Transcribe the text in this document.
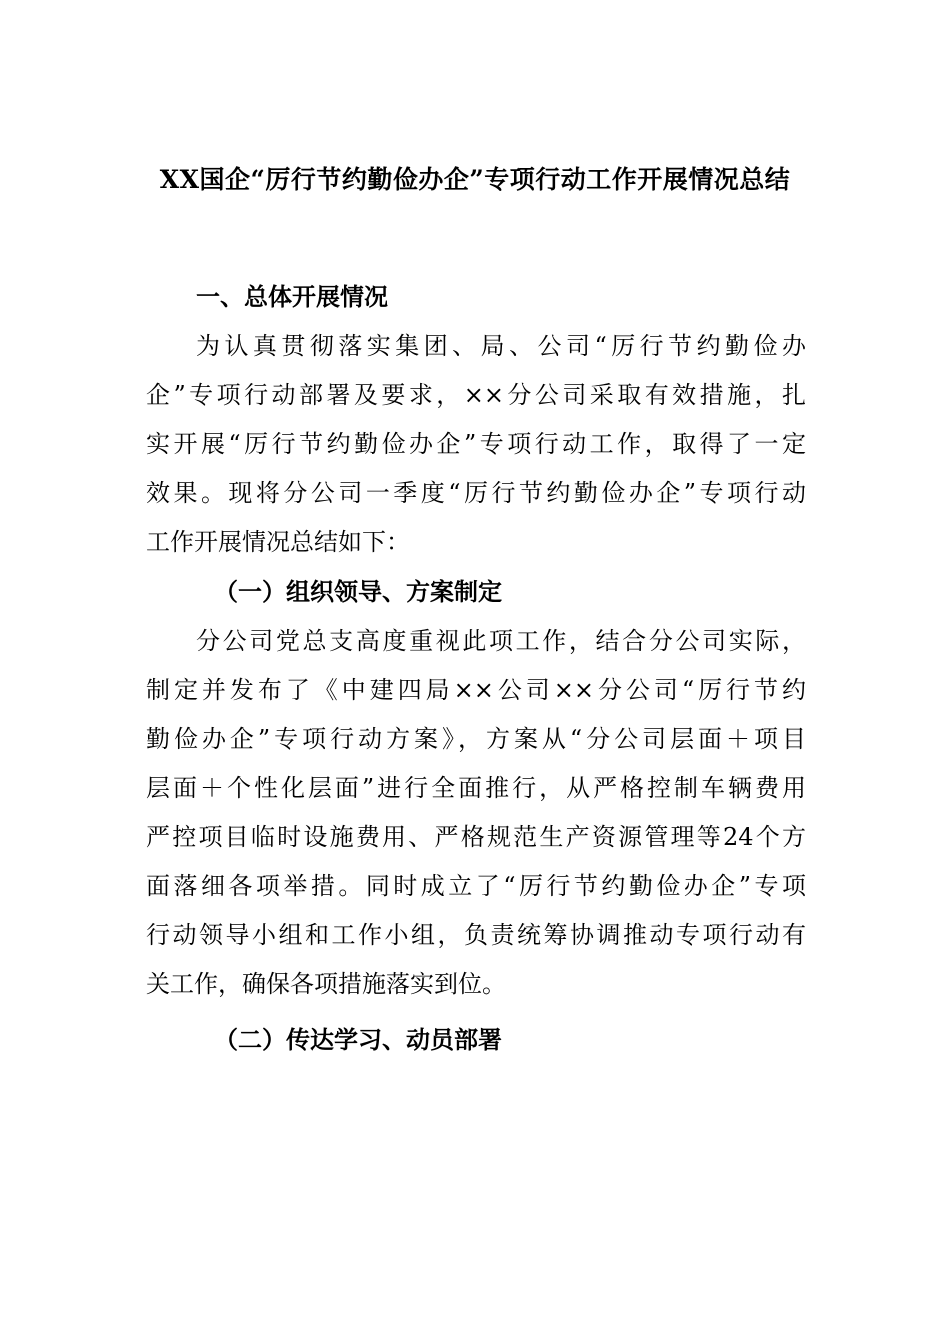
XX国企“厉行节约勤俭办企”专项行动工作开展情况总结
一、总体开展情况
为认真贯彻落实集团、局、公司“厉行节约勤俭办
企”专项行动部署及要求，××分公司采取有效措施，扎
实开展“厉行节约勤俭办企”专项行动工作，取得了一定
效果。现将分公司一季度“厉行节约勤俭办企”专项行动
工作开展情况总结如下：
（一）组织领导、方案制定
分公司党总支高度重视此项工作，结合分公司实际，
制定并发布了《中建四局××公司××分公司“厉行节约
勤俭办企”专项行动方案》，方案从“分公司层面＋项目
层面＋个性化层面”进行全面推行，从严格控制车辆费用
严控项目临时设施费用、严格规范生产资源管理等24个方
面落细各项举措。同时成立了“厉行节约勤俭办企”专项
行动领导小组和工作小组，负责统筹协调推动专项行动有
关工作，确保各项措施落实到位。
（二）传达学习、动员部署
